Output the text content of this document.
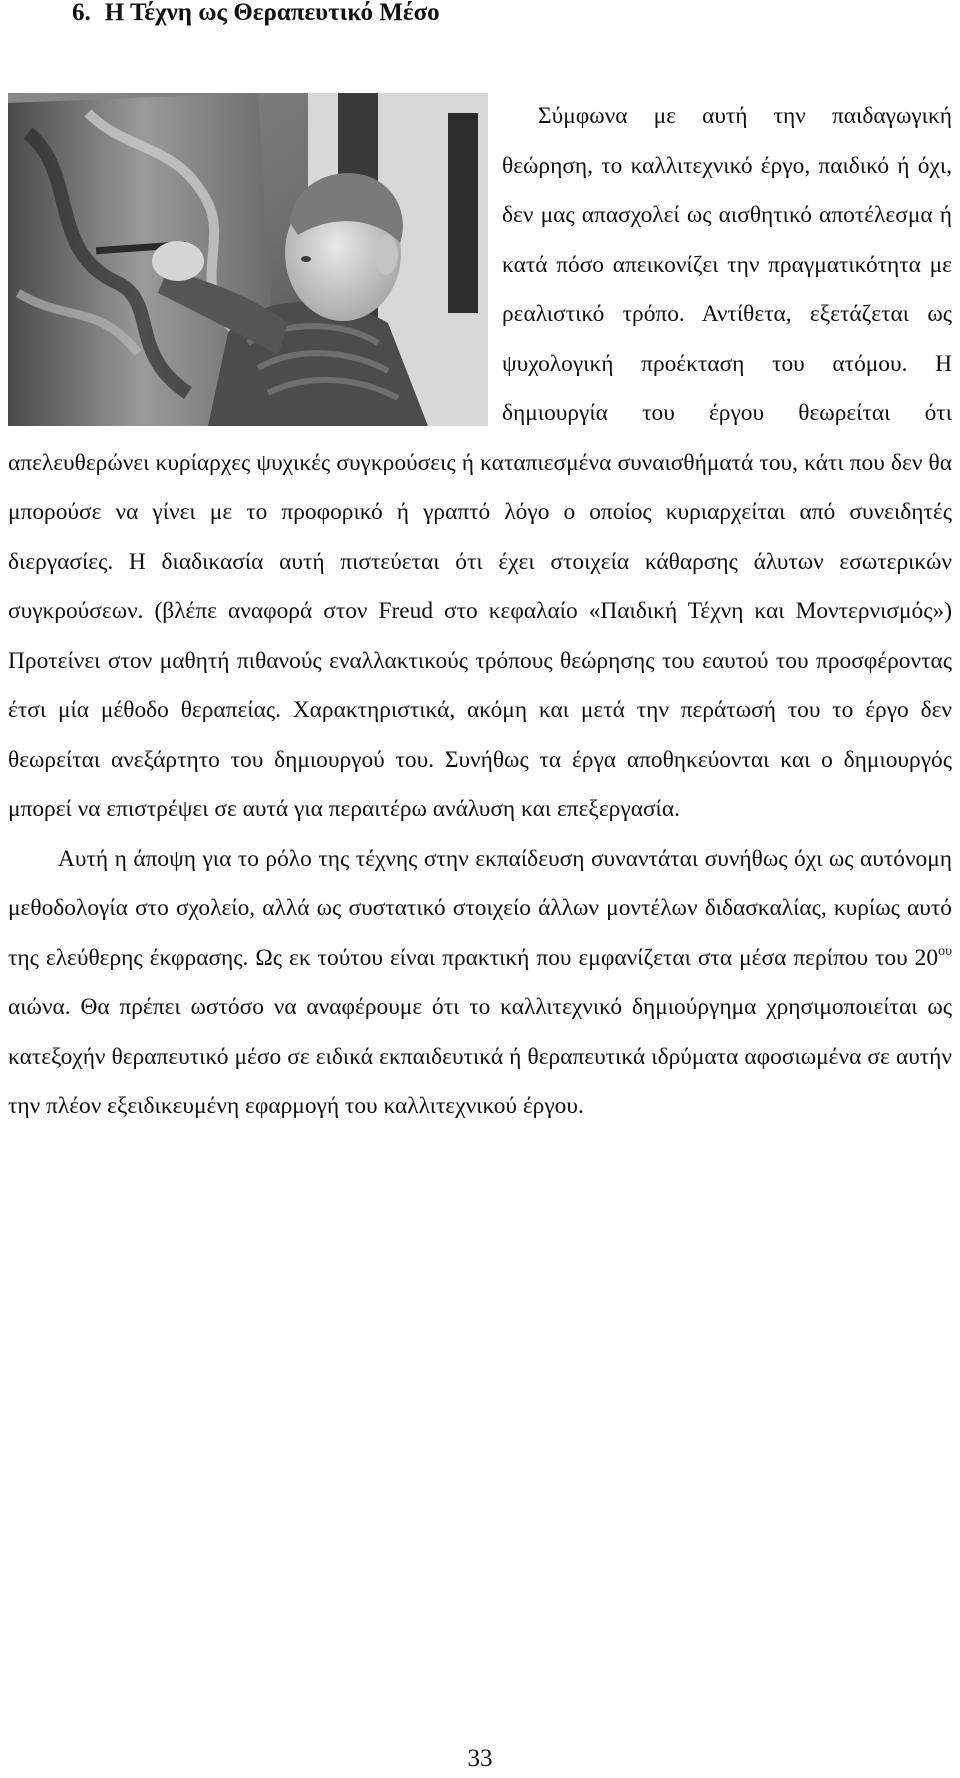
6. Η Τέχνη ως Θεραπευτικό Μέσο

Σύμφωνα με αυτή την παιδαγωγική θεώρηση, το καλλιτεχνικό έργο, παιδικό ή όχι, δεν μας απασχολεί ως αισθητικό αποτέλεσμα ή κατά πόσο απεικονίζει την πραγματικότητα με ρεαλιστικό τρόπο. Αντίθετα, εξετάζεται ως ψυχολογική προέκταση του ατόμου. Η δημιουργία του έργου θεωρείται ότι απελευθερώνει κυρίαρχες ψυχικές συγκρούσεις ή καταπιεσμένα συναισθήματά του, κάτι που δεν θα μπορούσε να γίνει με το προφορικό ή γραπτό λόγο ο οποίος κυριαρχείται από συνειδητές διεργασίες. Η διαδικασία αυτή πιστεύεται ότι έχει στοιχεία κάθαρσης άλυτων εσωτερικών συγκρούσεων. (βλέπε αναφορά στον Freud στο κεφαλαίο «Παιδική Τέχνη και Μοντερνισμός») Προτείνει στον μαθητή πιθανούς εναλλακτικούς τρόπους θεώρησης του εαυτού του προσφέροντας έτσι μία μέθοδο θεραπείας. Χαρακτηριστικά, ακόμη και μετά την περάτωσή του το έργο δεν θεωρείται ανεξάρτητο του δημιουργού του. Συνήθως τα έργα αποθηκεύονται και ο δημιουργός μπορεί να επιστρέψει σε αυτά για περαιτέρω ανάλυση και επεξεργασία.

Αυτή η άποψη για το ρόλο της τέχνης στην εκπαίδευση συναντάται συνήθως όχι ως αυτόνομη μεθοδολογία στο σχολείο, αλλά ως συστατικό στοιχείο άλλων μοντέλων διδασκαλίας, κυρίως αυτό της ελεύθερης έκφρασης. Ως εκ τούτου είναι πρακτική που εμφανίζεται στα μέσα περίπου του $20^{o\upsilon}$ αιώνα. Θα πρέπει ωστόσο να αναφέρουμε ότι το καλλιτεχνικό δημιούργημα χρησιμοποιείται ως κατεξοχήν θεραπευτικό μέσο σε ειδικά εκπαιδευτικά ή θεραπευτικά ιδρύματα αφοσιωμένα σε αυτήν την πλέον εξειδικευμένη εφαρμογή του καλλιτεχνικού έργου.

33
